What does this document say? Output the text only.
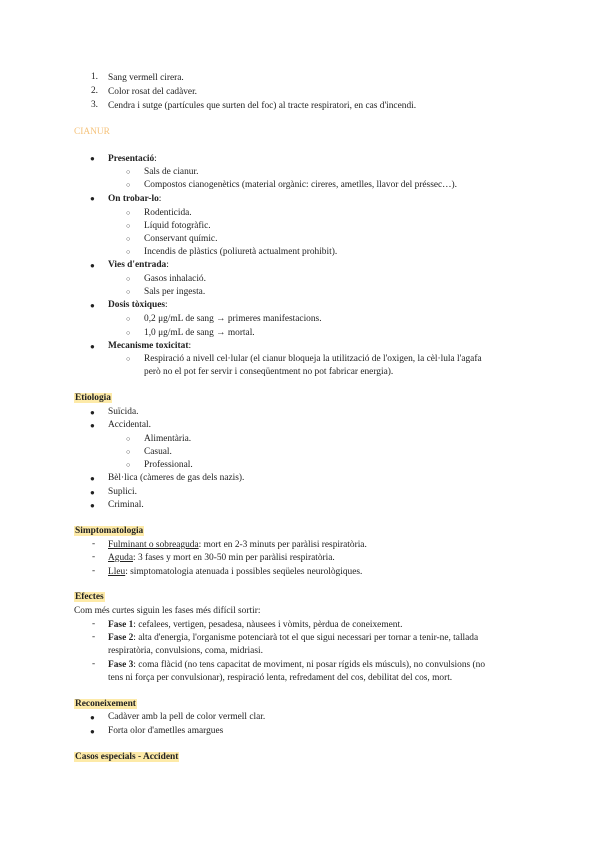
1. Sang vermell cirera.
2. Color rosat del cadàver.
3. Cendra i sutge (partícules que surten del foc) al tracte respiratori, en cas d'incendi.
CIANUR
● Presentació:
○ Sals de cianur.
○ Compostos cianogenètics (material orgànic: cireres, ametlles, llavor del préssec…).
● On trobar-lo:
○ Rodenticida.
○ Líquid fotogràfic.
○ Conservant químic.
○ Incendis de plàstics (poliuretà actualment prohibit).
● Vies d'entrada:
○ Gasos inhalació.
○ Sals per ingesta.
● Dosis tòxiques:
○ 0,2 μg/mL de sang → primeres manifestacions.
○ 1,0 μg/mL de sang → mortal.
● Mecanisme toxicitat:
○ Respiració a nivell cel·lular (el cianur bloqueja la utilització de l'oxigen, la cèl·lula l'agafa
però no el pot fer servir i conseqüentment no pot fabricar energia).
Etiologia
● Suïcida.
● Accidental.
○ Alimentària.
○ Casual.
○ Professional.
● Bèl·lica (càmeres de gas dels nazis).
● Suplici.
● Criminal.
Simptomatologia
- Fulminant o sobreaguda: mort en 2-3 minuts per paràlisi respiratòria.
- Aguda: 3 fases y mort en 30-50 min per paràlisi respiratòria.
- Lleu: simptomatologia atenuada i possibles seqüeles neurològiques.
Efectes
Com més curtes siguin les fases més difícil sortir:
- Fase 1: cefalees, vertigen, pesadesa, nàusees i vòmits, pèrdua de coneixement.
- Fase 2: alta d'energia, l'organisme potenciarà tot el que sigui necessari per tornar a tenir-ne, tallada
respiratòria, convulsions, coma, midriasi.
- Fase 3: coma flàcid (no tens capacitat de moviment, ni posar rígids els músculs), no convulsions (no
tens ni força per convulsionar), respiració lenta, refredament del cos, debilitat del cos, mort.
Reconeixement
● Cadàver amb la pell de color vermell clar.
● Forta olor d'ametlles amargues
Casos especials - Accident
